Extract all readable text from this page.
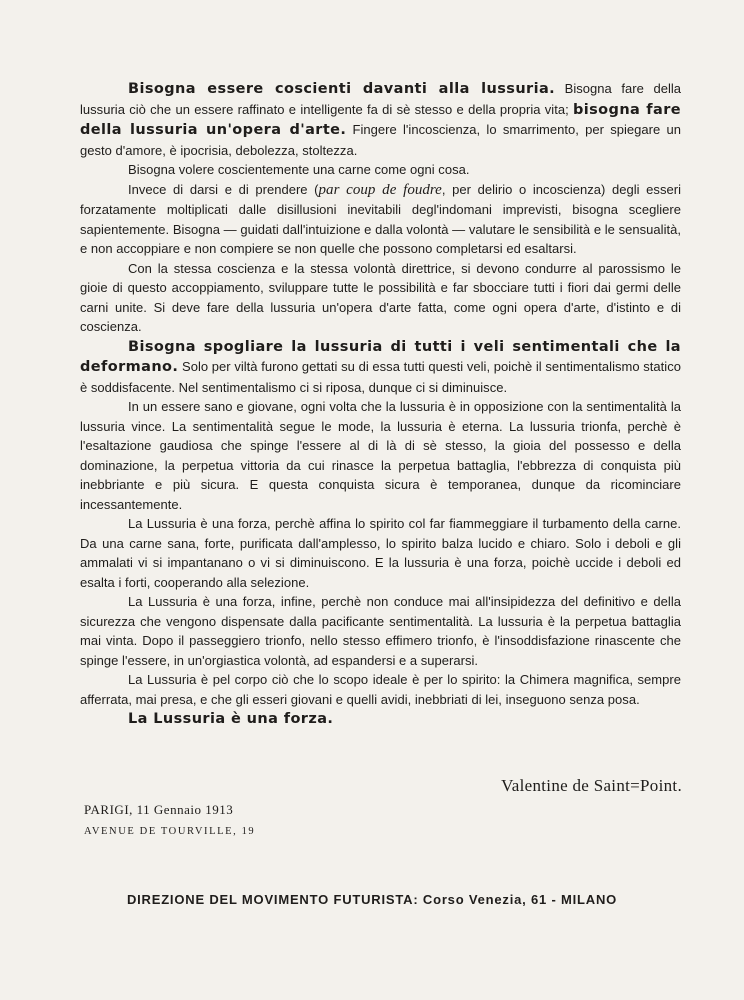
Bisogna essere coscienti davanti alla lussuria. Bisogna fare della lussuria ciò che un essere raffinato e intelligente fa di sè stesso e della propria vita; bisogna fare della lussuria un'opera d'arte. Fingere l'incoscienza, lo smarrimento, per spiegare un gesto d'amore, è ipocrisia, debolezza, stoltezza.

Bisogna volere coscientemente una carne come ogni cosa.

Invece di darsi e di prendere (par coup de foudre, per delirio o incoscienza) degli esseri forzatamente moltiplicati dalle disillusioni inevitabili degl'indomani imprevisti, bisogna scegliere sapientemente. Bisogna — guidati dall'intuizione e dalla volontà — valutare le sensibilità e le sensualità, e non accoppiare e non compiere se non quelle che possono completarsi ed esaltarsi.

Con la stessa coscienza e la stessa volontà direttrice, si devono condurre al parossismo le gioie di questo accoppiamento, sviluppare tutte le possibilità e far sbocciare tutti i fiori dai germi delle carni unite. Si deve fare della lussuria un'opera d'arte fatta, come ogni opera d'arte, d'istinto e di coscienza.

Bisogna spogliare la lussuria di tutti i veli sentimentali che la deformano. Solo per viltà furono gettati su di essa tutti questi veli, poichè il sentimentalismo statico è soddisfacente. Nel sentimentalismo ci si riposa, dunque ci si diminuisce.

In un essere sano e giovane, ogni volta che la lussuria è in opposizione con la sentimentalità la lussuria vince. La sentimentalità segue le mode, la lussuria è eterna. La lussuria trionfa, perchè è l'esaltazione gaudiosa che spinge l'essere al di là di sè stesso, la gioia del possesso e della dominazione, la perpetua vittoria da cui rinasce la perpetua battaglia, l'ebbrezza di conquista più inebbriante e più sicura. E questa conquista sicura è temporanea, dunque da ricominciare incessantemente.

La Lussuria è una forza, perchè affina lo spirito col far fiammeggiare il turbamento della carne. Da una carne sana, forte, purificata dall'amplesso, lo spirito balza lucido e chiaro. Solo i deboli e gli ammalati vi si impantanano o vi si diminuiscono. E la lussuria è una forza, poichè uccide i deboli ed esalta i forti, cooperando alla selezione.

La Lussuria è una forza, infine, perchè non conduce mai all'insipidezza del definitivo e della sicurezza che vengono dispensate dalla pacificante sentimentalità. La lussuria è la perpetua battaglia mai vinta. Dopo il passeggiero trionfo, nello stesso effimero trionfo, è l'insoddisfazione rinascente che spinge l'essere, in un'orgiastica volontà, ad espandersi e a superarsi.

La Lussuria è pel corpo ciò che lo scopo ideale è per lo spirito: la Chimera magnifica, sempre afferrata, mai presa, e che gli esseri giovani e quelli avidi, inebbriati di lei, inseguono senza posa.

La Lussuria è una forza.

Valentine de Saint=Point.
PARIGI, 11 Gennaio 1913
AVENUE DE TOURVILLE, 19
DIREZIONE DEL MOVIMENTO FUTURISTA: Corso Venezia, 61 - MILANO
